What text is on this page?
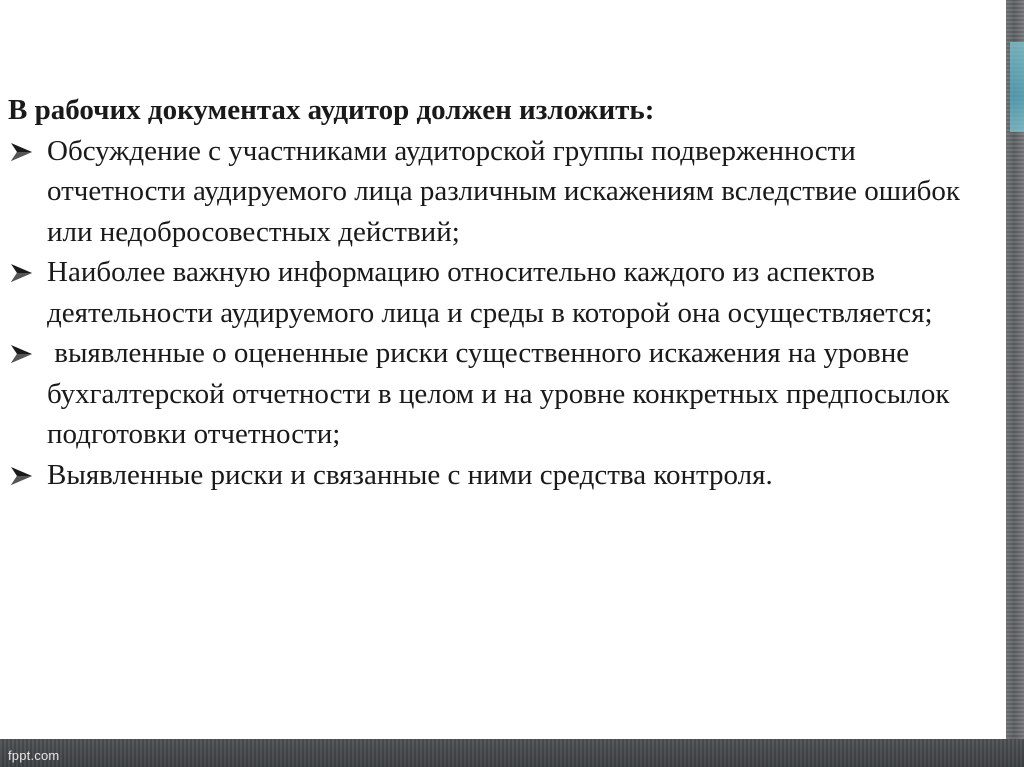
В рабочих документах аудитор должен изложить:

Обсуждение с участниками аудиторской группы подверженности отчетности аудируемого лица различным искажениям вследствие ошибок или недобросовестных действий;
Наиболее важную информацию относительно каждого из аспектов  деятельности аудируемого лица и среды в которой она осуществляется;
выявленные о оцененные риски существенного искажения на уровне бухгалтерской отчетности в целом и на уровне конкретных предпосылок подготовки отчетности;
Выявленные риски и связанные с ними средства контроля.
fppt.com
